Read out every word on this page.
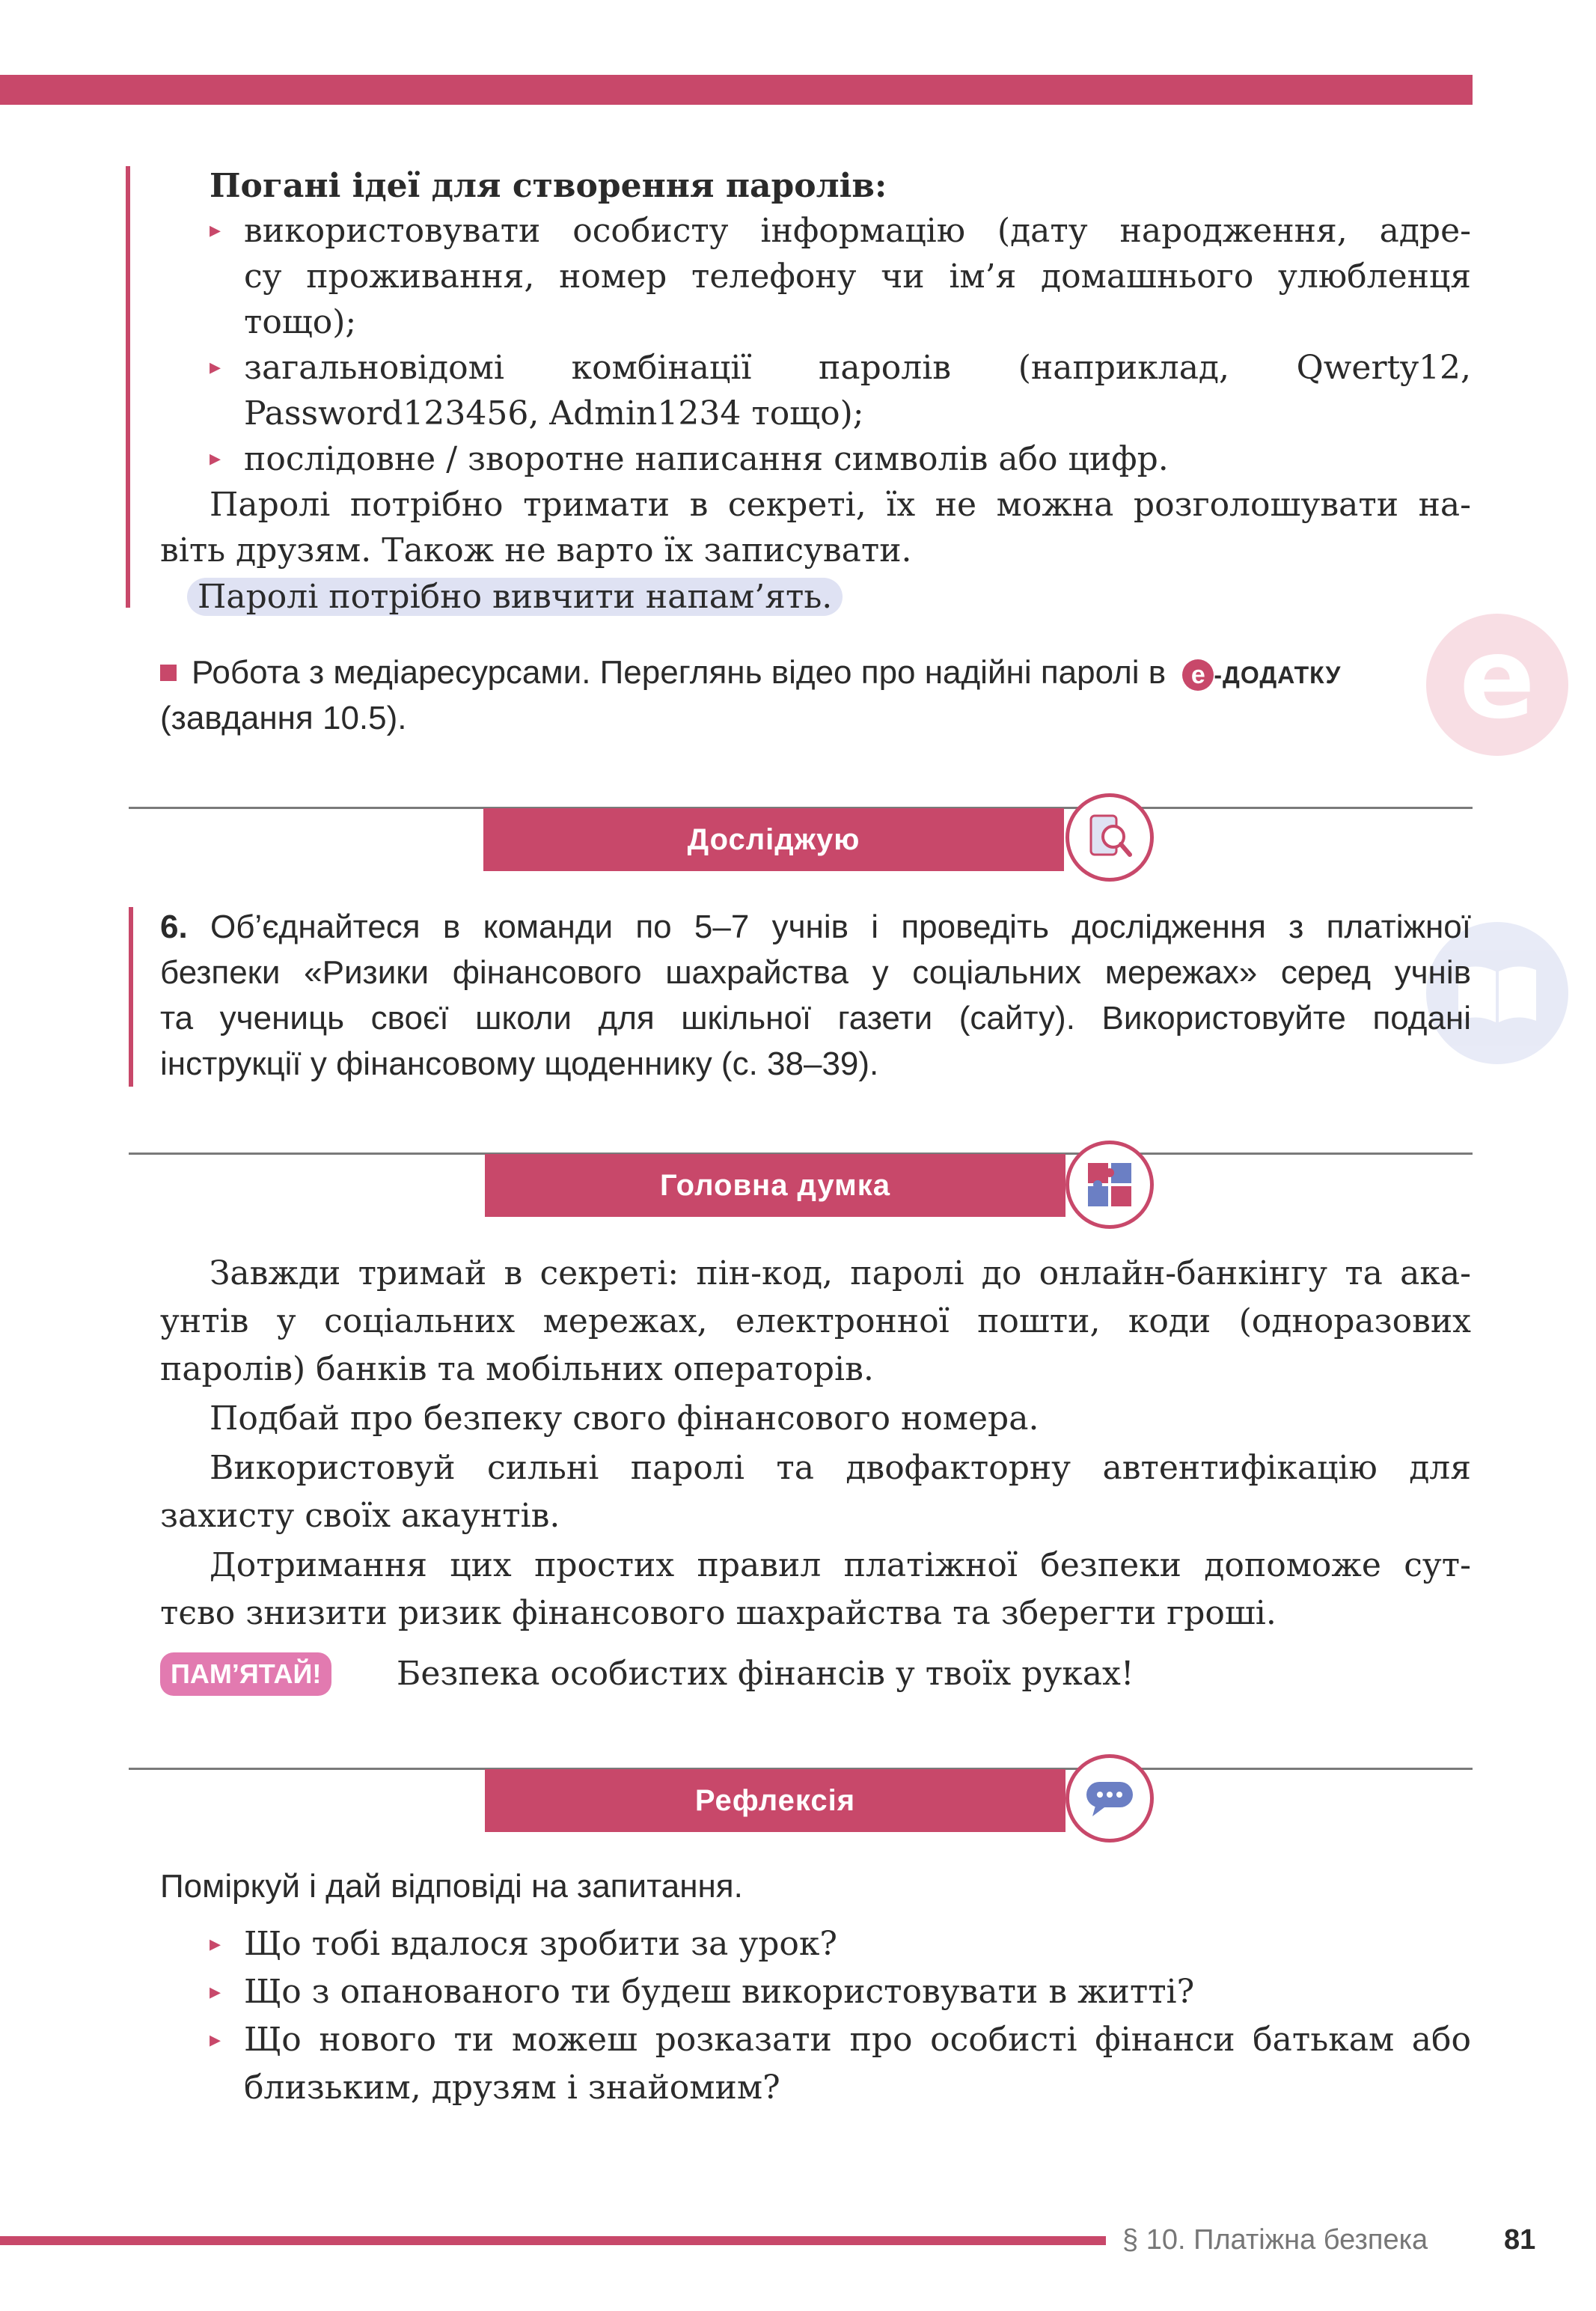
Погані ідеї для створення паролів:
▸ використовувати особисту інформацію (дату народження, адре-
су проживання, номер телефону чи ім’я домашнього улюбленця
тощо);
▸ загальновідомі комбінації паролів (наприклад, Qwerty12,
Password123456, Admin1234 тощо);
▸ послідовне / зворотне написання символів або цифр.
Паролі потрібно тримати в секреті, їх не можна розголошувати на-
віть друзям. Також не варто їх записувати.
Паролі потрібно вивчити напам’ять.
e
Робота з медіаресурсами. Переглянь відео про надійні паролі в е -ДОДАТКУ
(завдання 10.5).
Досліджую
6. Об’єднайтеся в команди по 5–7 учнів і проведіть дослідження з платіжної
безпеки «Ризики фінансового шахрайства у соціальних мережах» серед учнів
та учениць своєї школи для шкільної газети (сайту). Використовуйте подані
інструкції у фінансовому щоденнику (с. 38–39).
Головна думка
Завжди тримай в секреті: пін-код, паролі до онлайн-банкінгу та ака-
унтів у соціальних мережах, електронної пошти, коди (одноразових
паролів) банків та мобільних операторів.
Подбай про безпеку свого фінансового номера.
Використовуй сильні паролі та двофакторну автентифікацію для
захисту своїх акаунтів.
Дотримання цих простих правил платіжної безпеки допоможе сут-
тєво знизити ризик фінансового шахрайства та зберегти гроші.
ПАМ’ЯТАЙ!	Безпека особистих фінансів у твоїх руках!
Рефлексія
Поміркуй і дай відповіді на запитання.
▸ Що тобі вдалося зробити за урок?
▸ Що з опанованого ти будеш використовувати в житті?
▸ Що нового ти можеш розказати про особисті фінанси батькам або
близьким, друзям і знайомим?
§ 10. Платіжна безпека	81
